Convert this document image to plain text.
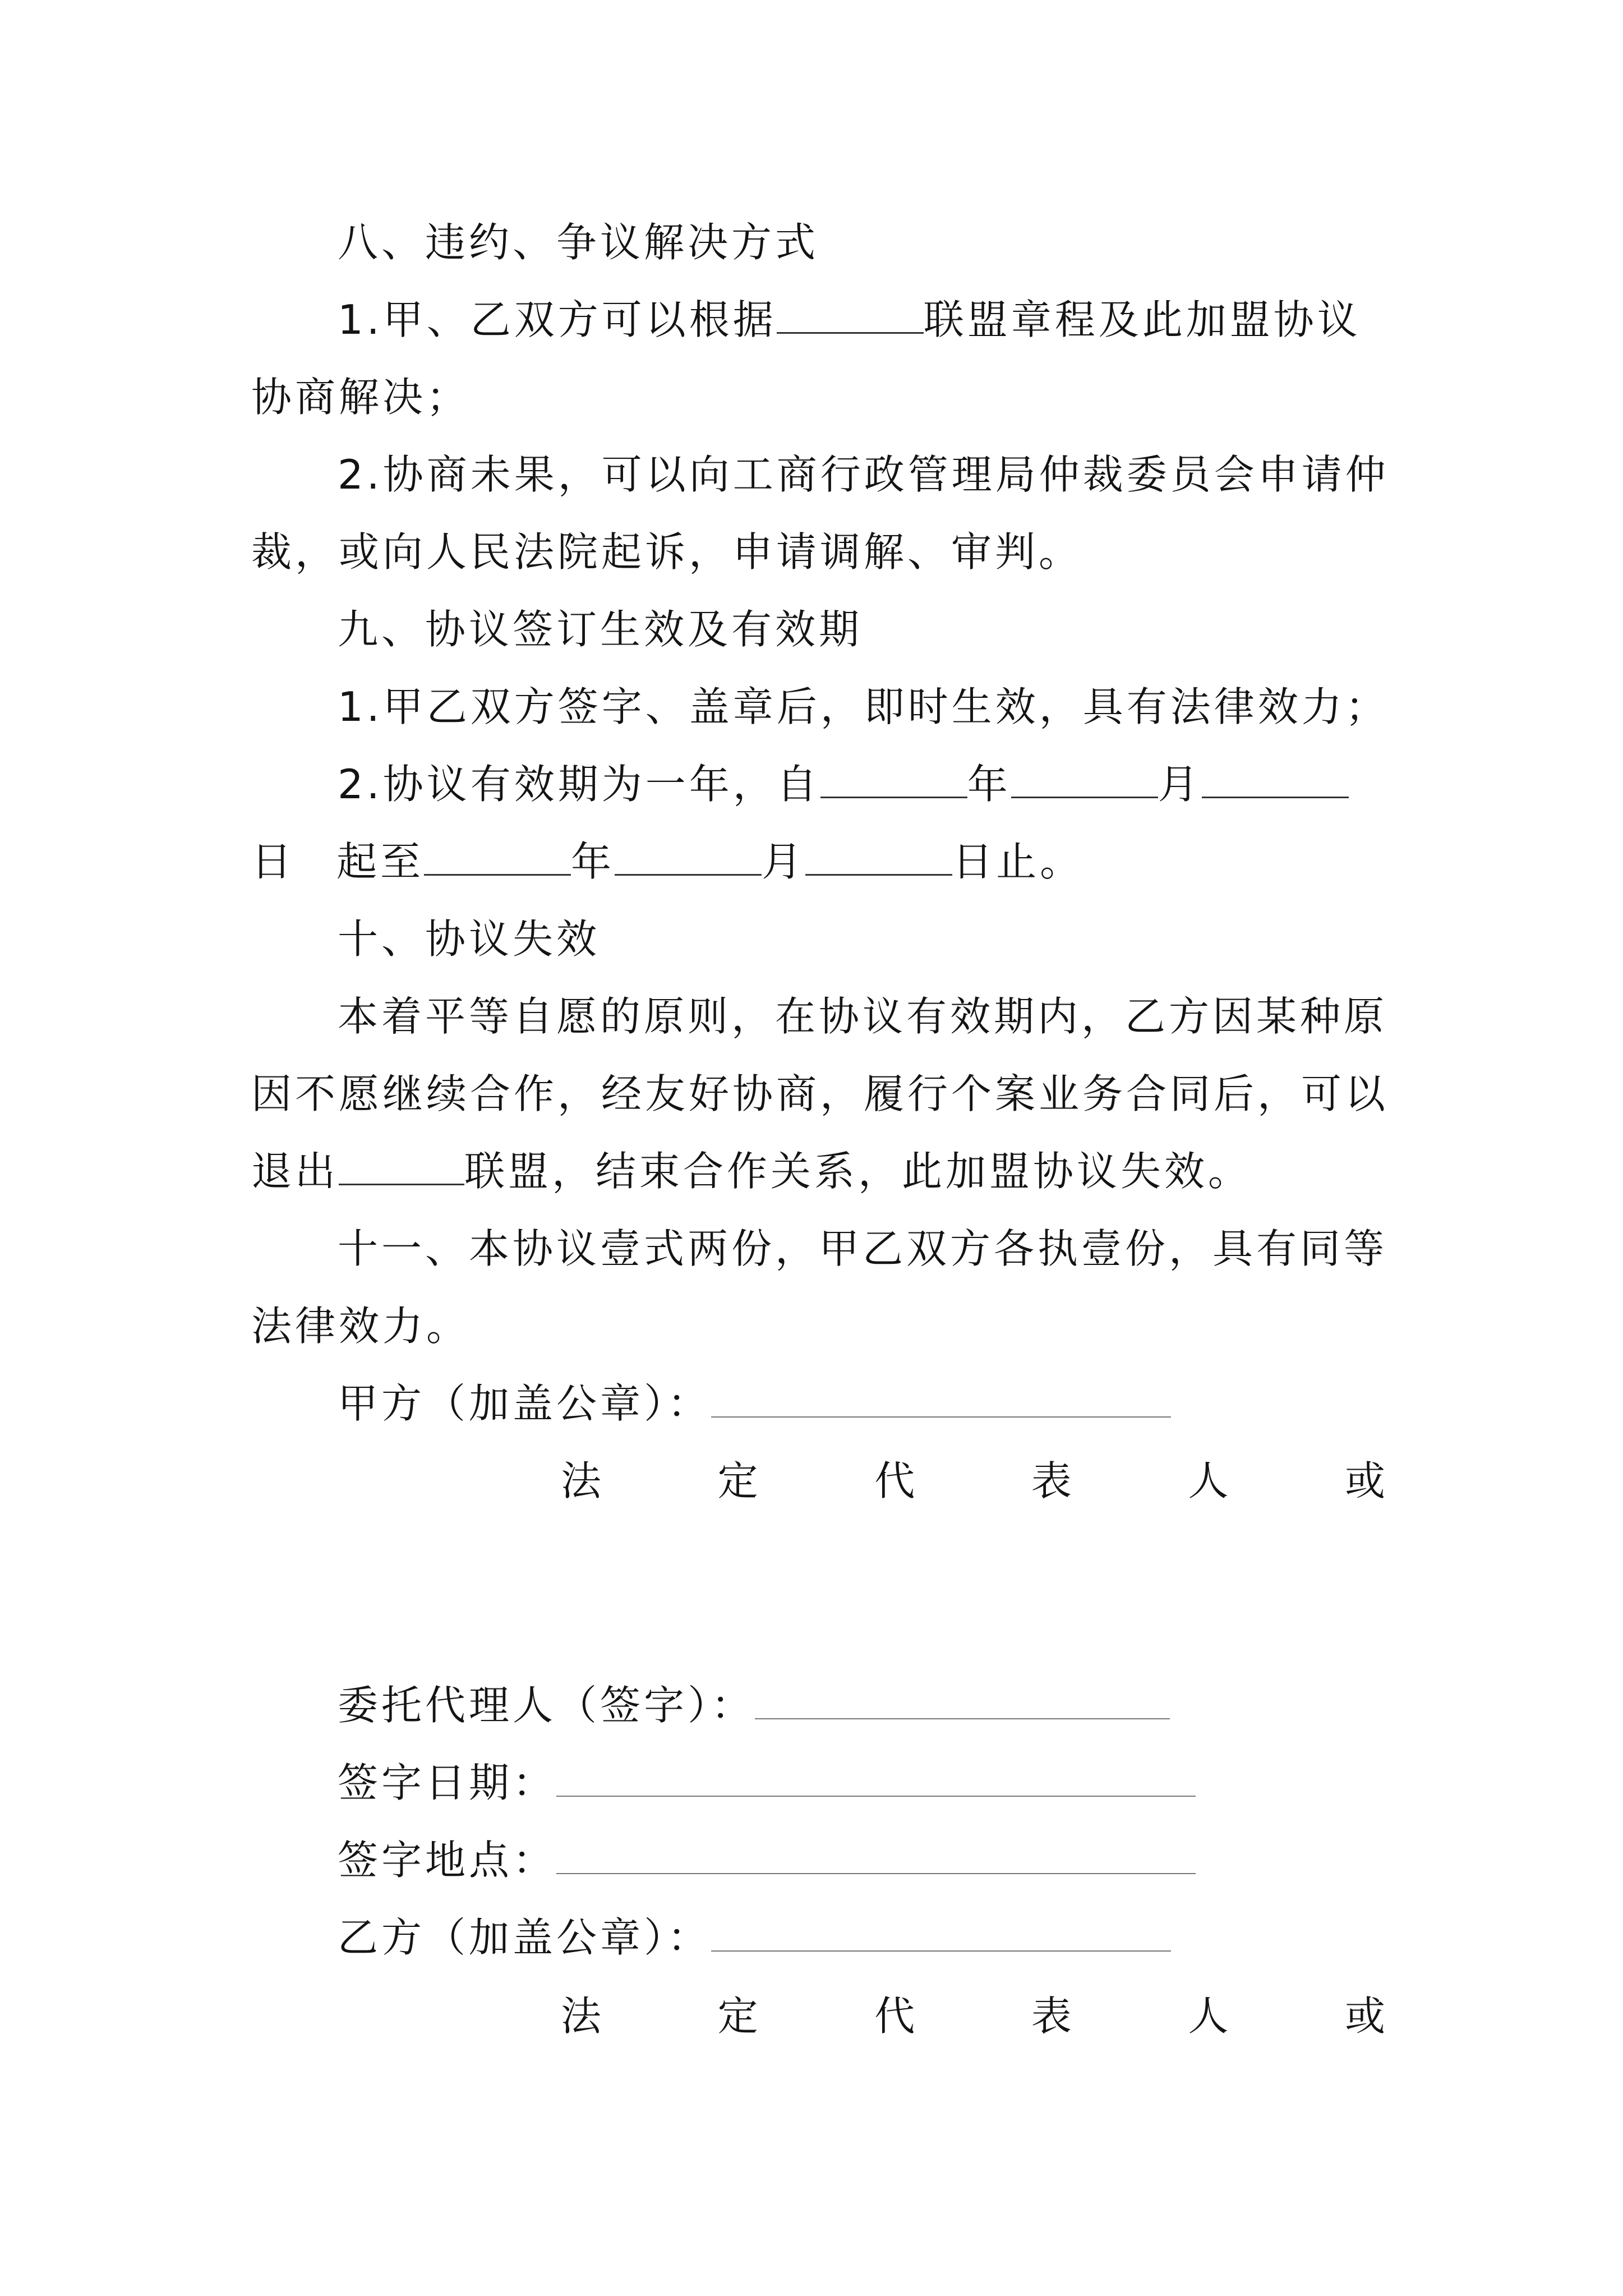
八、违约、争议解决方式
1.甲、乙双方可以根据	联盟章程及此加盟协议
协商解决；
2.协商未果，可以向工商行政管理局仲裁委员会申请仲
裁，或向人民法院起诉，申请调解、审判。
九、协议签订生效及有效期
1.甲乙双方签字、盖章后，即时生效，具有法律效力；
2.协议有效期为一年，自	年	月
日 起至	年	月	日止。
十、协议失效
本着平等自愿的原则，在协议有效期内，乙方因某种原
因不愿继续合作，经友好协商，履行个案业务合同后，可以
退出	联盟，结束合作关系，此加盟协议失效。
十一、本协议壹式两份，甲乙双方各执壹份，具有同等
法律效力。
甲方（加盖公章）：
法	定	代	表	人	或
委托代理人（签字）：
签字日期：
签字地点：
乙方（加盖公章）：
法	定	代	表	人	或
